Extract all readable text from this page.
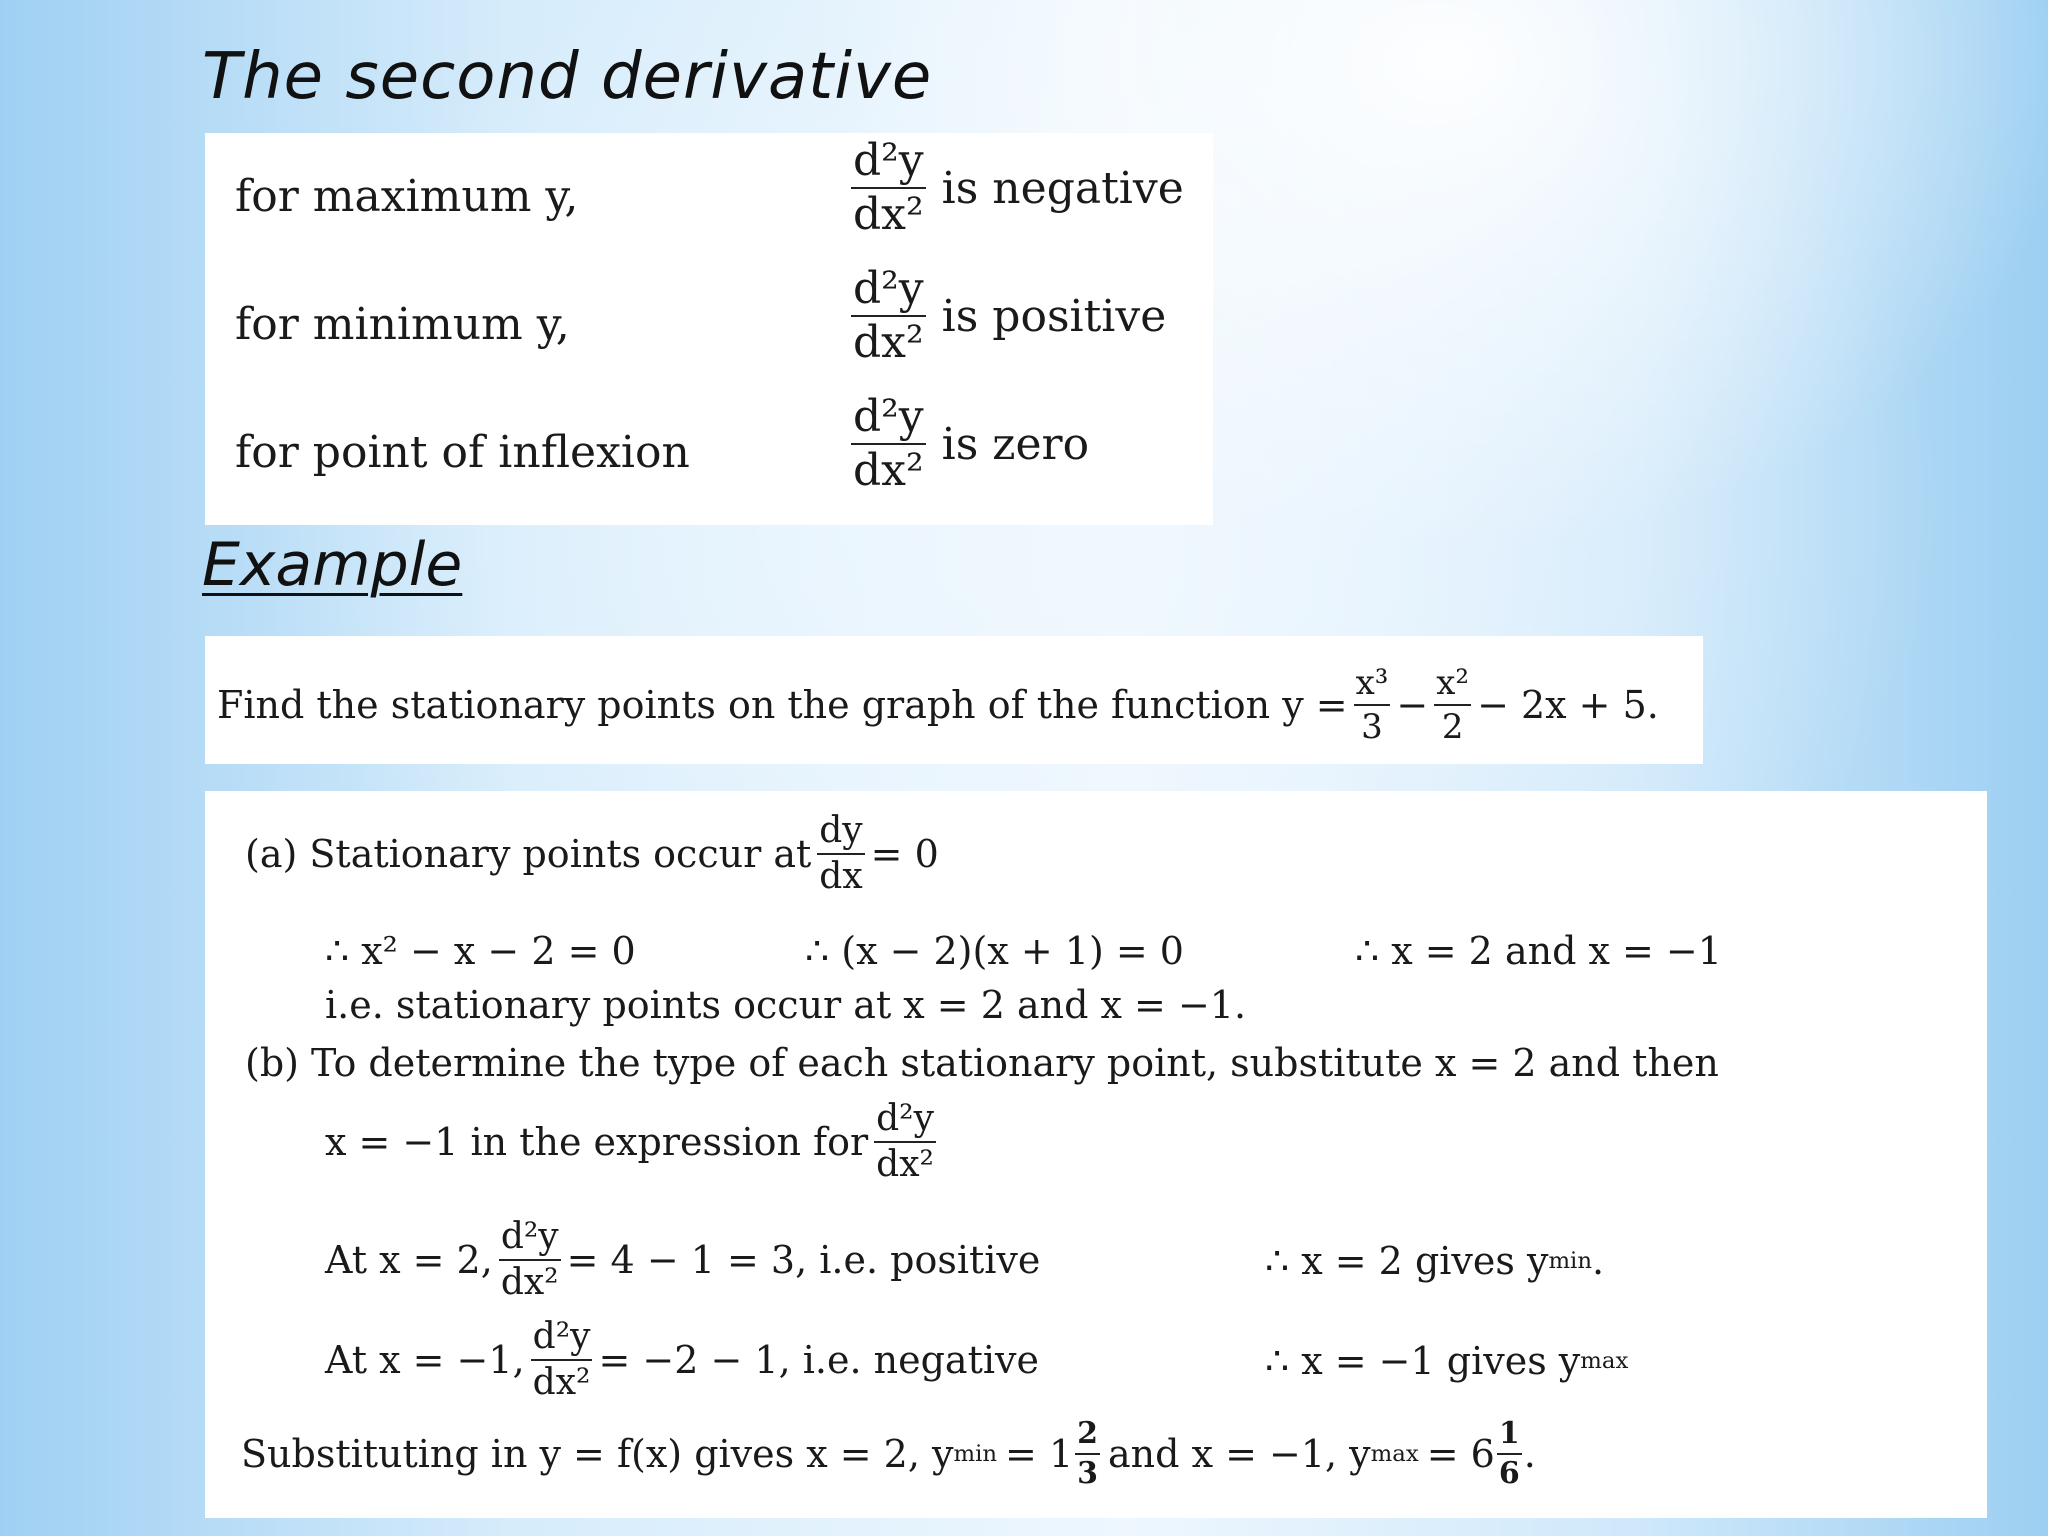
The second derivative
for maximum y,	$\frac{\text{d²y}}{\text{dx²}}$ is negative
for minimum y,	$\frac{\text{d²y}}{\text{dx²}}$ is positive
for point of inflexion	$\frac{\text{d²y}}{\text{dx²}}$ is zero
Example
Find the stationary points on the graph of the function $y = \frac{\text{x³}}{3} - \frac{\text{x²}}{2} - 2x + 5$.
(a) Stationary points occur at $\frac{dy}{dx} = 0$
∴ x² − x − 2 = 0	∴ (x − 2)(x + 1) = 0	∴ x = 2 and x = −1
i.e. stationary points occur at x = 2 and x = −1.
(b) To determine the type of each stationary point, substitute x = 2 and then
x = −1 in the expression for $\frac{\text{d²y}}{\text{dx²}}$
At x = 2, $\frac{\text{d²y}}{\text{dx²}} = 4 - 1 = 3$, i.e. positive	∴ x = 2 gives y min .
At x = −1, $\frac{\text{d²y}}{\text{dx²}} = -2 - 1$, i.e. negative	∴ x = −1 gives y max
Substituting in y = f(x) gives x = 2, y $\min = 1 \frac{2}{3}$ and x = −1, y $\max = 6 \frac{1}{6}$ .
